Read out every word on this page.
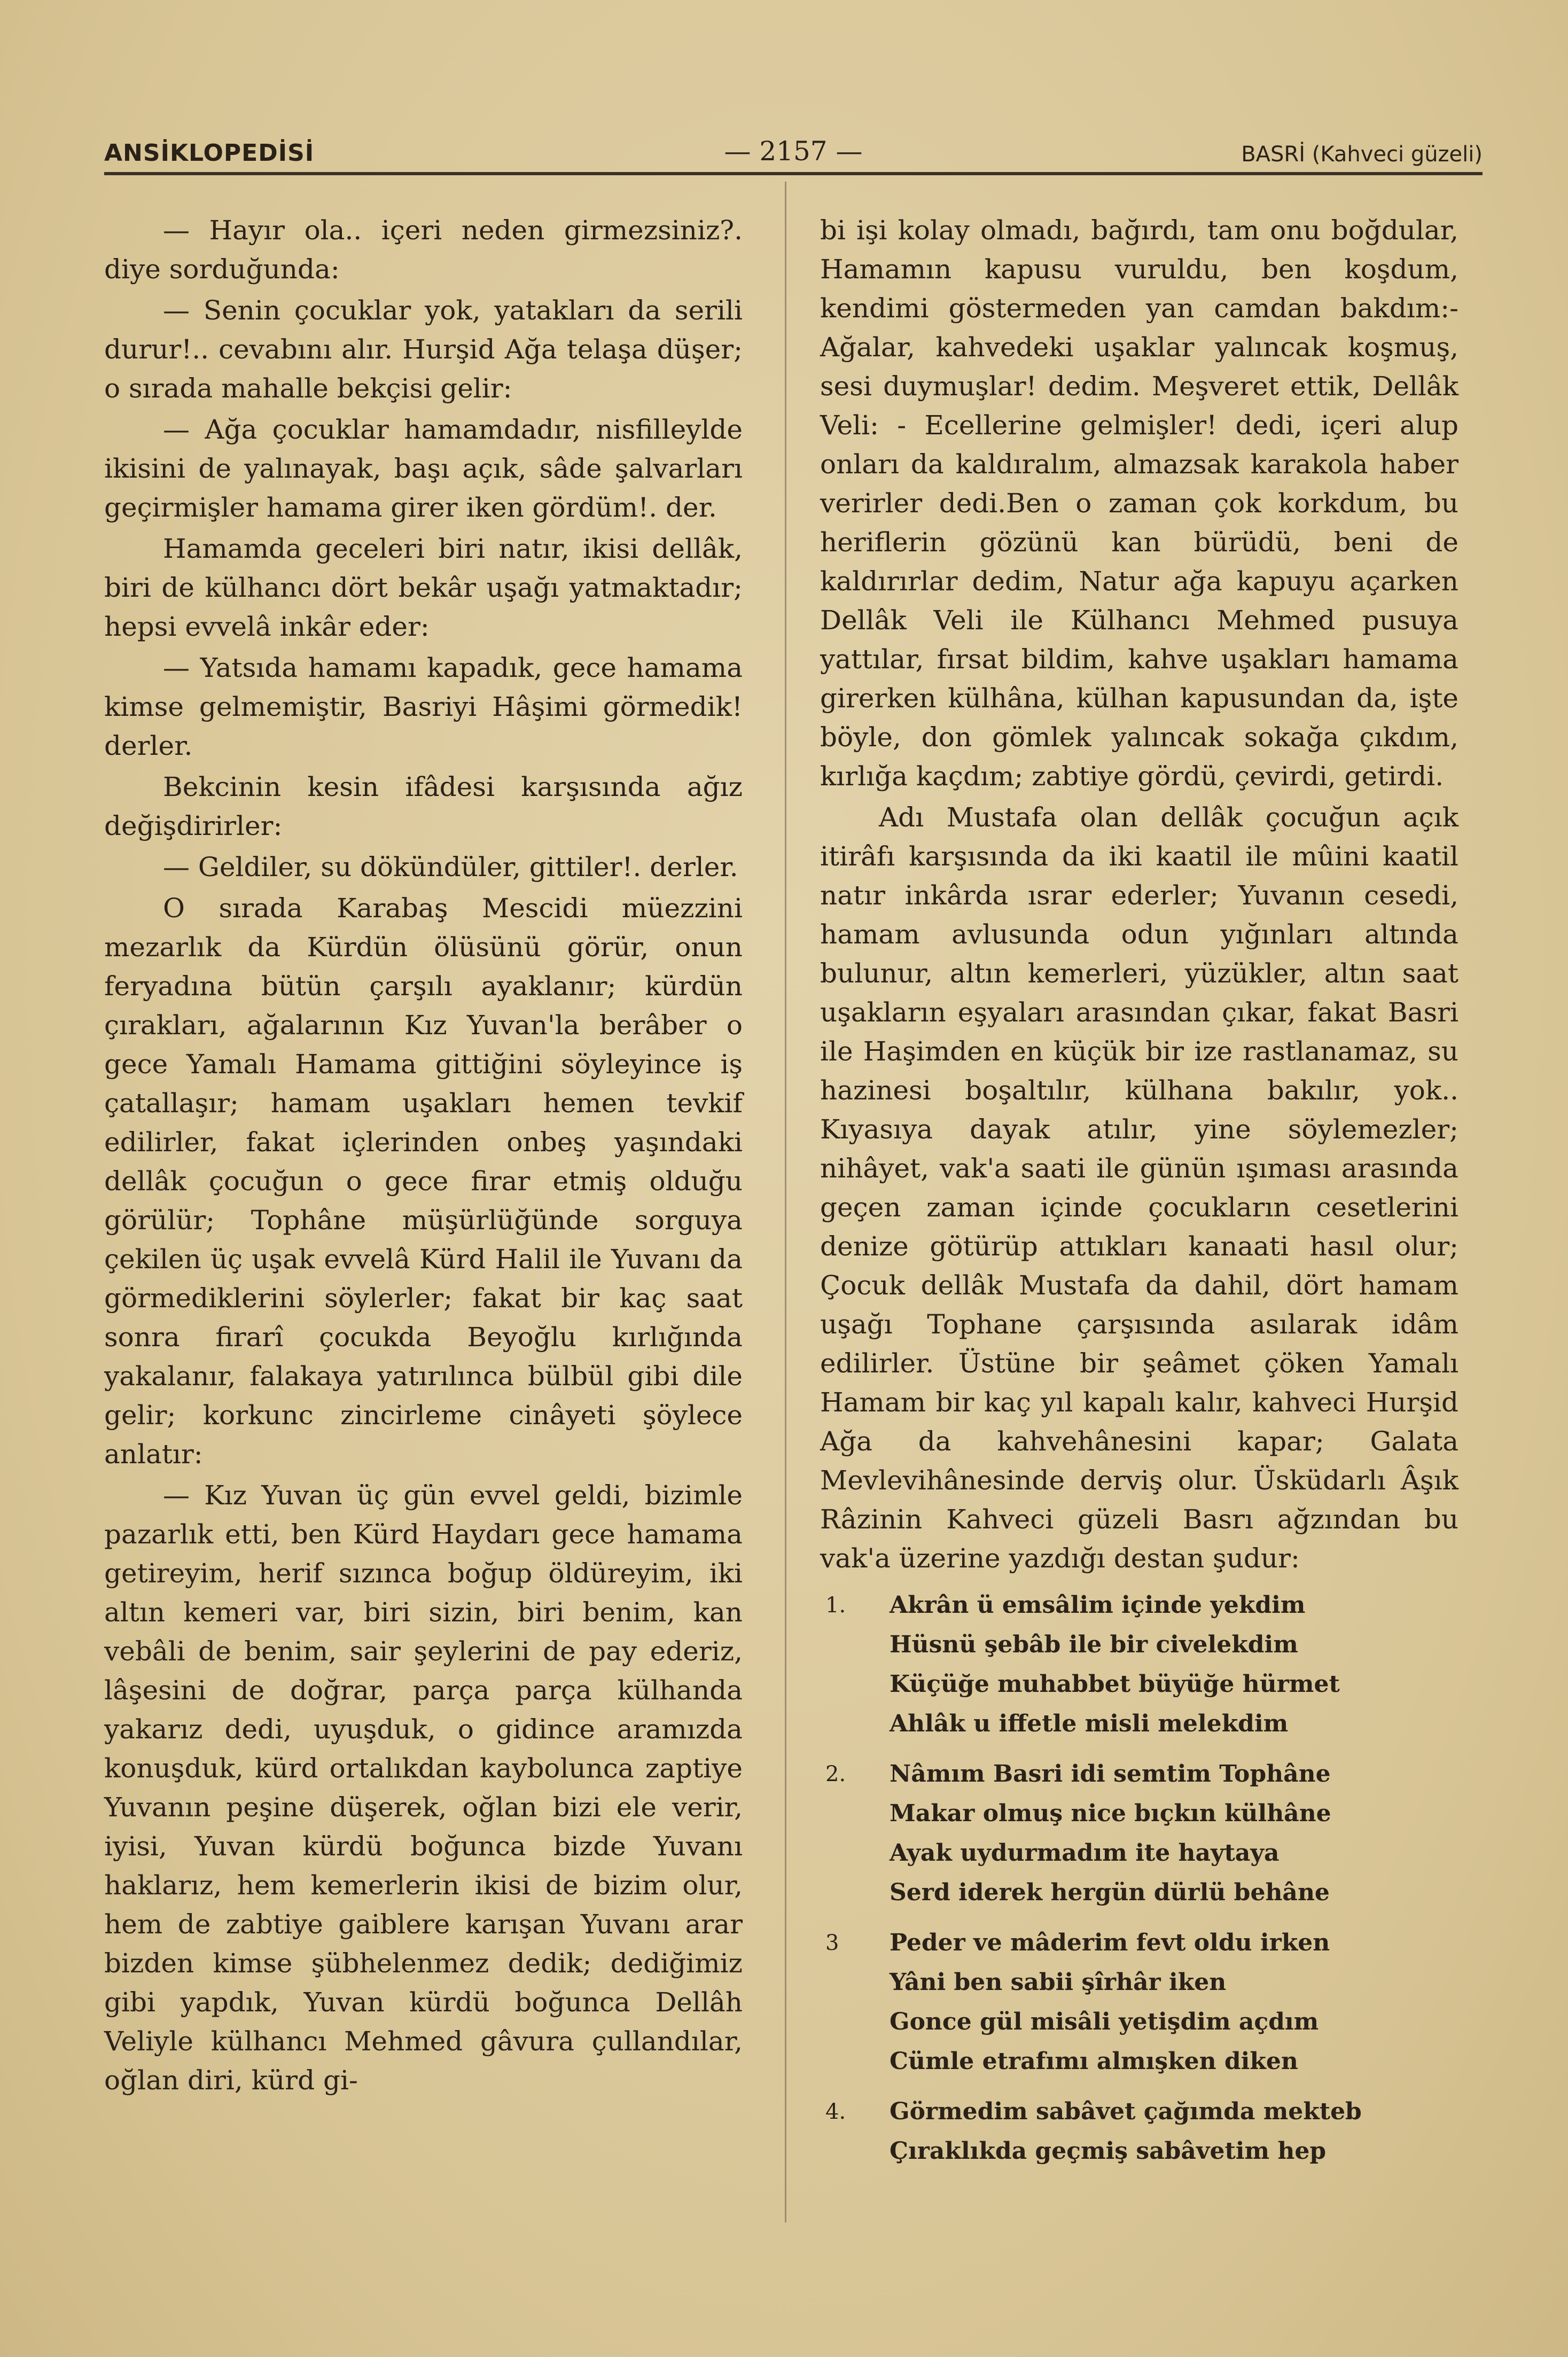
ANSİKLOPEDİSİ	— 2157 —	BASRİ (Kahveci güzeli)

— Hayır ola.. içeri neden girmezsiniz?. diye sorduğunda:

— Senin çocuklar yok, yatakları da serili durur!.. cevabını alır. Hurşid Ağa telaşa düşer; o sırada mahalle bekçisi gelir:

— Ağa çocuklar hamamdadır, nisfilleylde ikisini de yalınayak, başı açık, sâde şalvarları geçirmişler hamama girer iken gördüm!. der.

Hamamda geceleri biri natır, ikisi dellâk, biri de külhancı dört bekâr uşağı yatmaktadır; hepsi evvelâ inkâr eder:

— Yatsıda hamamı kapadık, gece hamama kimse gelmemiştir, Basriyi Hâşimi görmedik! derler.

Bekcinin kesin ifâdesi karşısında ağız değişdirirler:

— Geldiler, su dökündüler, gittiler!. derler.

O sırada Karabaş Mescidi müezzini mezarlık da Kürdün ölüsünü görür, onun feryadına bütün çarşılı ayaklanır; kürdün çırakları, ağalarının Kız Yuvan'la berâber o gece Yamalı Hamama gittiğini söyleyince iş çatallaşır; hamam uşakları hemen tevkif edilirler, fakat içlerinden onbeş yaşındaki dellâk çocuğun o gece firar etmiş olduğu görülür; Tophâne müşürlüğünde sorguya çekilen üç uşak evvelâ Kürd Halil ile Yuvanı da görmediklerini söylerler; fakat bir kaç saat sonra firarî çocukda Beyoğlu kırlığında yakalanır, falakaya yatırılınca bülbül gibi dile gelir; korkunc zincirleme cinâyeti şöylece anlatır:

— Kız Yuvan üç gün evvel geldi, bizimle pazarlık etti, ben Kürd Haydarı gece hamama getireyim, herif sızınca boğup öldüreyim, iki altın kemeri var, biri sizin, biri benim, kan vebâli de benim, sair şeylerini de pay ederiz, lâşesini de doğrar, parça parça külhanda yakarız dedi, uyuşduk, o gidince aramızda konuşduk, kürd ortalıkdan kaybolunca zaptiye Yuvanın peşine düşerek, oğlan bizi ele verir, iyisi, Yuvan kürdü boğunca bizde Yuvanı haklarız, hem kemerlerin ikisi de bizim olur, hem de zabtiye gaiblere karışan Yuvanı arar bizden kimse şübhelenmez dedik; dediğimiz gibi yapdık, Yuvan kürdü boğunca Dellâh Veliyle külhancı Mehmed gâvura çullandılar, oğlan diri, kürd gi-

bi işi kolay olmadı, bağırdı, tam onu boğdular, Hamamın kapusu vuruldu, ben koşdum, kendimi göstermeden yan camdan bakdım:- Ağalar, kahvedeki uşaklar yalıncak koşmuş, sesi duymuşlar! dedim. Meşveret ettik, Dellâk Veli: - Ecellerine gelmişler! dedi, içeri alup onları da kaldıralım, almazsak karakola haber verirler dedi.Ben o zaman çok korkdum, bu heriflerin gözünü kan bürüdü, beni de kaldırırlar dedim, Natur ağa kapuyu açarken Dellâk Veli ile Külhancı Mehmed pusuya yattılar, fırsat bildim, kahve uşakları hamama girerken külhâna, külhan kapusundan da, işte böyle, don gömlek yalıncak sokağa çıkdım, kırlığa kaçdım; zabtiye gördü, çevirdi, getirdi.

Adı Mustafa olan dellâk çocuğun açık itirâfı karşısında da iki kaatil ile mûini kaatil natır inkârda ısrar ederler; Yuvanın cesedi, hamam avlusunda odun yığınları altında bulunur, altın kemerleri, yüzükler, altın saat uşakların eşyaları arasından çıkar, fakat Basri ile Haşimden en küçük bir ize rastlanamaz, su hazinesi boşaltılır, külhana bakılır, yok.. Kıyasıya dayak atılır, yine söylemezler; nihâyet, vak'a saati ile günün ışıması arasında geçen zaman içinde çocukların cesetlerini denize götürüp attıkları kanaati hasıl olur; Çocuk dellâk Mustafa da dahil, dört hamam uşağı Tophane çarşısında asılarak idâm edilirler. Üstüne bir şeâmet çöken Yamalı Hamam bir kaç yıl kapalı kalır, kahveci Hurşid Ağa da kahvehânesini kapar; Galata Mevlevihânesinde derviş olur. Üsküdarlı Âşık Râzinin Kahveci güzeli Basrı ağzından bu vak'a üzerine yazdığı destan şudur:

1.	Akrân ü emsâlim içinde yekdim
Hüsnü şebâb ile bir civelekdim
Küçüğe muhabbet büyüğe hürmet
Ahlâk u iffetle misli melekdim
2.	Nâmım Basri idi semtim Tophâne
Makar olmuş nice bıçkın külhâne
Ayak uydurmadım ite haytaya
Serd iderek hergün dürlü behâne
3	Peder ve mâderim fevt oldu irken
Yâni ben sabii şîrhâr iken
Gonce gül misâli yetişdim açdım
Cümle etrafımı almışken diken
4.	Görmedim sabâvet çağımda mekteb
Çıraklıkda geçmiş sabâvetim hep
